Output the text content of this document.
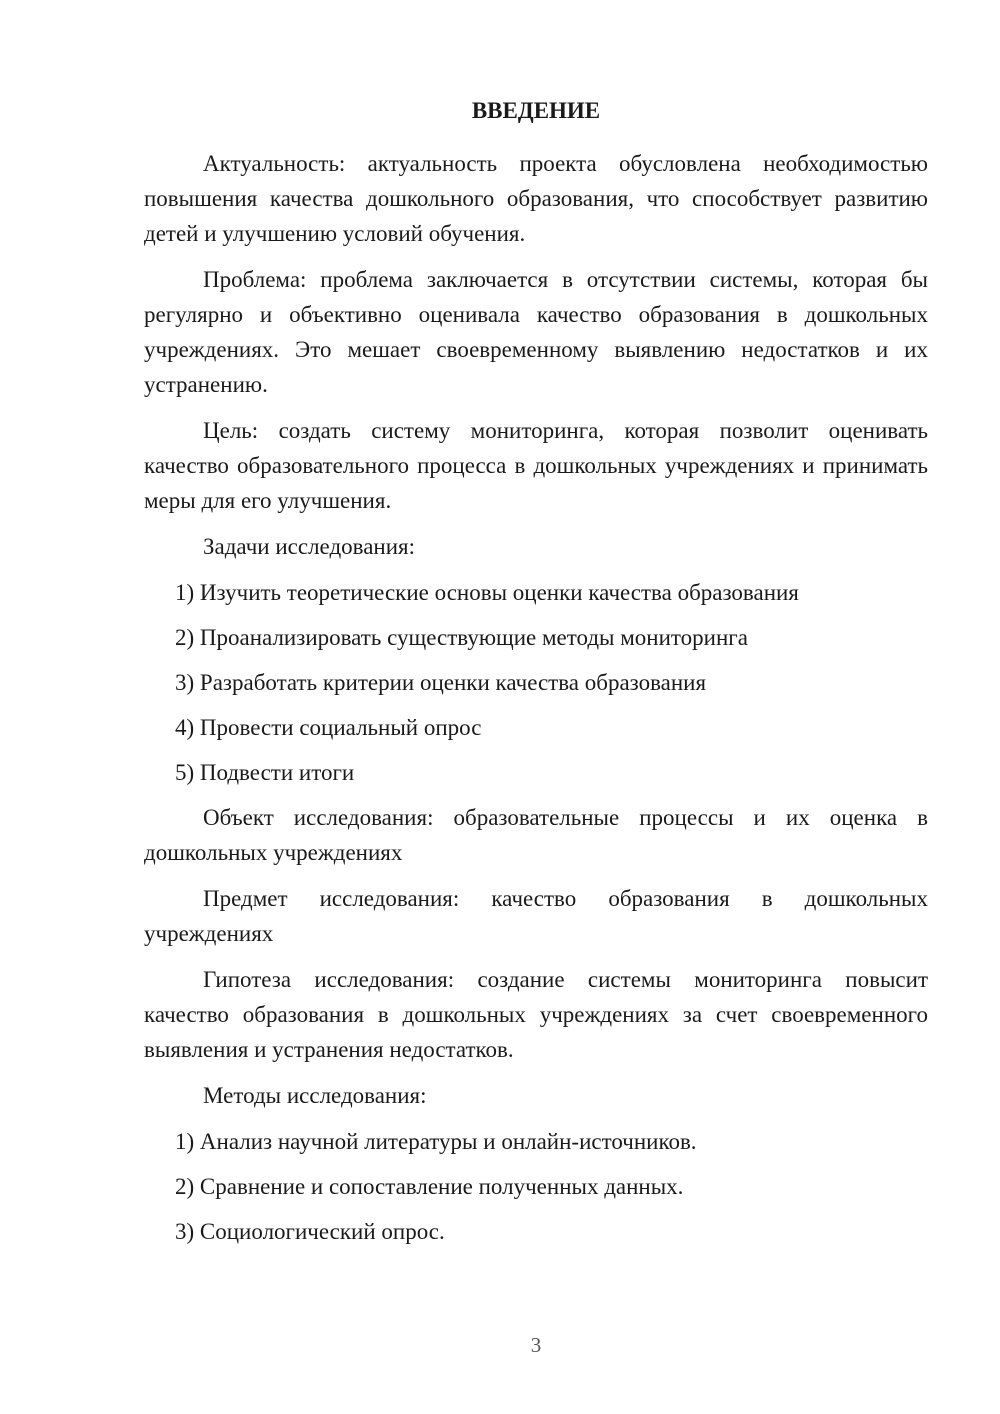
ВВЕДЕНИЕ

Актуальность: актуальность проекта обусловлена необходимостью повышения качества дошкольного образования, что способствует развитию детей и улучшению условий обучения.

Проблема: проблема заключается в отсутствии системы, которая бы регулярно и объективно оценивала качество образования в дошкольных учреждениях. Это мешает своевременному выявлению недостатков и их устранению.

Цель: создать систему мониторинга, которая позволит оценивать качество образовательного процесса в дошкольных учреждениях и принимать меры для его улучшения.

Задачи исследования:

1) Изучить теоретические основы оценки качества образования
2) Проанализировать существующие методы мониторинга
3) Разработать критерии оценки качества образования
4) Провести социальный опрос
5) Подвести итоги

Объект исследования: образовательные процессы и их оценка в дошкольных учреждениях

Предмет исследования: качество образования в дошкольных учреждениях

Гипотеза исследования: создание системы мониторинга повысит качество образования в дошкольных учреждениях за счет своевременного выявления и устранения недостатков.

Методы исследования:

1) Анализ научной литературы и онлайн-источников.
2) Сравнение и сопоставление полученных данных.
3) Социологический опрос.
3
